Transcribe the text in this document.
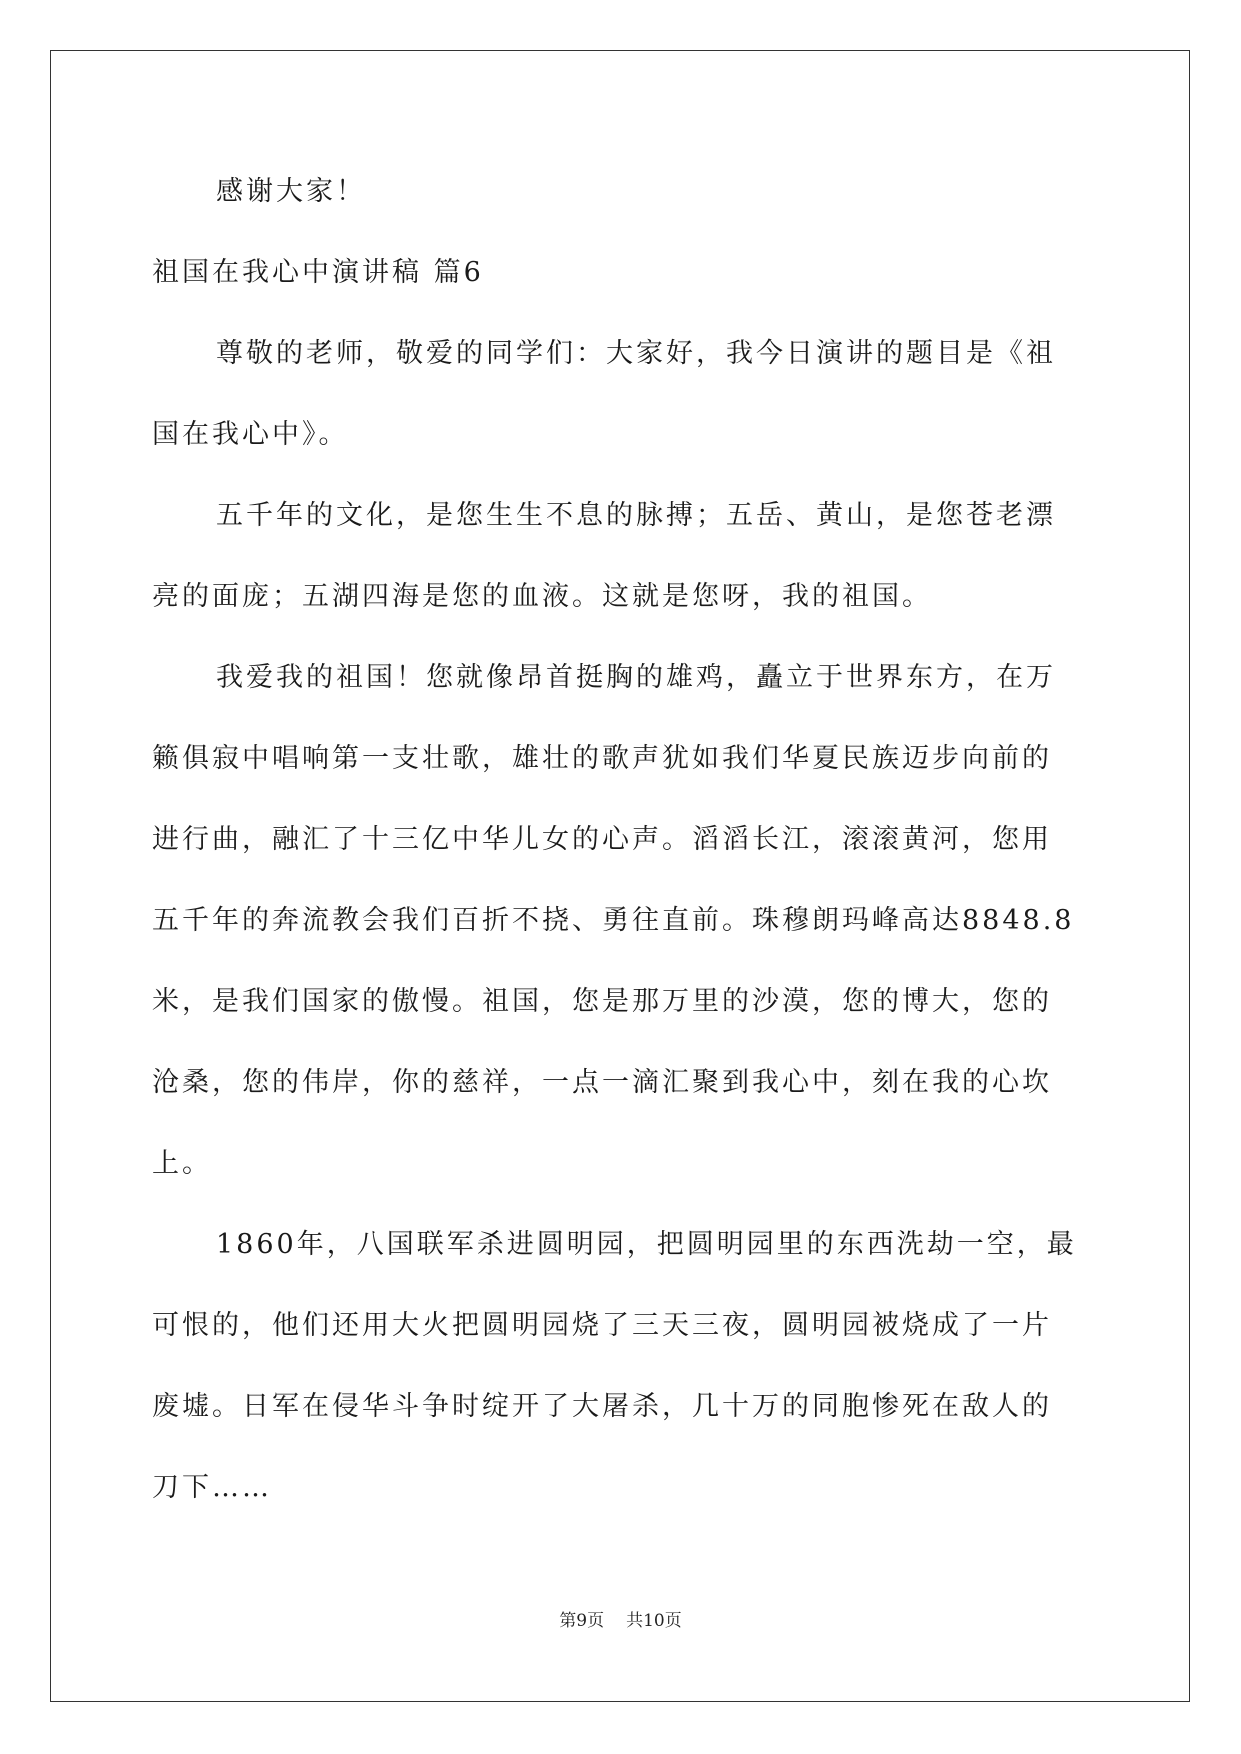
感谢大家！
祖国在我心中演讲稿 篇6
尊敬的老师，敬爱的同学们：大家好，我今日演讲的题目是《祖
国在我心中》。
五千年的文化，是您生生不息的脉搏；五岳、黄山，是您苍老漂
亮的面庞；五湖四海是您的血液。这就是您呀，我的祖国。
我爱我的祖国！您就像昂首挺胸的雄鸡，矗立于世界东方，在万
籁俱寂中唱响第一支壮歌，雄壮的歌声犹如我们华夏民族迈步向前的
进行曲，融汇了十三亿中华儿女的心声。滔滔长江，滚滚黄河，您用
五千年的奔流教会我们百折不挠、勇往直前。珠穆朗玛峰高达8848.8
米，是我们国家的傲慢。祖国，您是那万里的沙漠，您的博大，您的
沧桑，您的伟岸，你的慈祥，一点一滴汇聚到我心中，刻在我的心坎
上。
1860年，八国联军杀进圆明园，把圆明园里的东西洗劫一空，最
可恨的，他们还用大火把圆明园烧了三天三夜，圆明园被烧成了一片
废墟。日军在侵华斗争时绽开了大屠杀，几十万的同胞惨死在敌人的
刀下……
第9页 共10页
